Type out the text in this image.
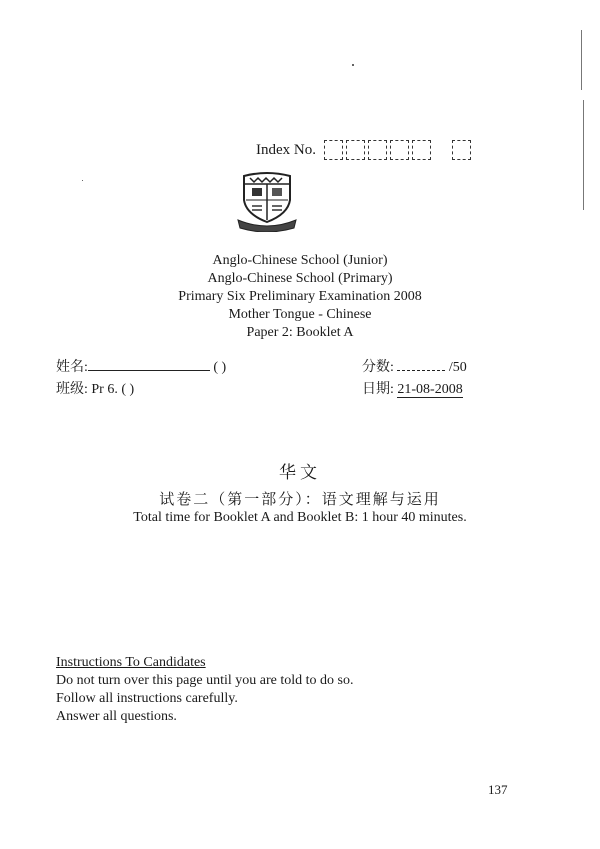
Index No.
Anglo-Chinese School (Junior)
Anglo-Chinese School (Primary)
Primary Six Preliminary Examination 2008
Mother Tongue - Chinese
Paper 2: Booklet A
姓名:	( )
班级: Pr 6. ( )
分数:	/50
日期: 21-08-2008
华文
试卷二（第一部分）：语文理解与运用
Total time for Booklet A and Booklet B: 1 hour 40 minutes.
Instructions To Candidates
Do not turn over this page until you are told to do so.
Follow all instructions carefully.
Answer all questions.
137
